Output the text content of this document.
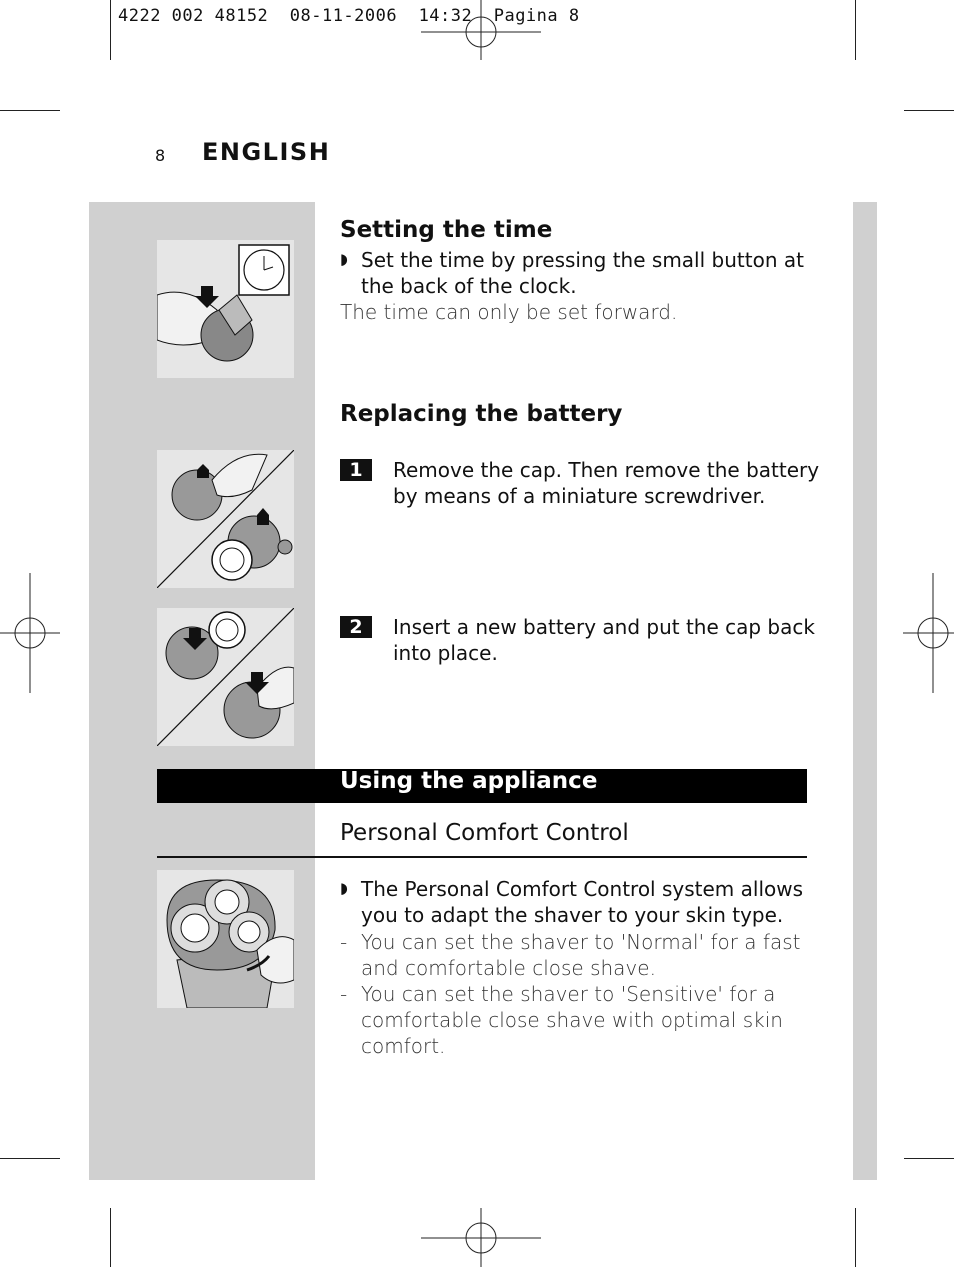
4222 002 48152  08-11-2006  14:32  Pagina 8
8 ENGLISH
Setting the time
◗ Set the time by pressing the small button at
the back of the clock.
The time can only be set forward.
Replacing the battery
1	Remove the cap. Then remove the battery
by means of a miniature screwdriver.
2	Insert a new battery and put the cap back
into place.
Using the appliance
Personal Comfort Control
◗ The Personal Comfort Control system allows
you to adapt the shaver to your skin type.
- You can set the shaver to 'Normal' for a fast
and comfortable close shave.
- You can set the shaver to 'Sensitive' for a
comfortable close shave with optimal skin
comfort.
